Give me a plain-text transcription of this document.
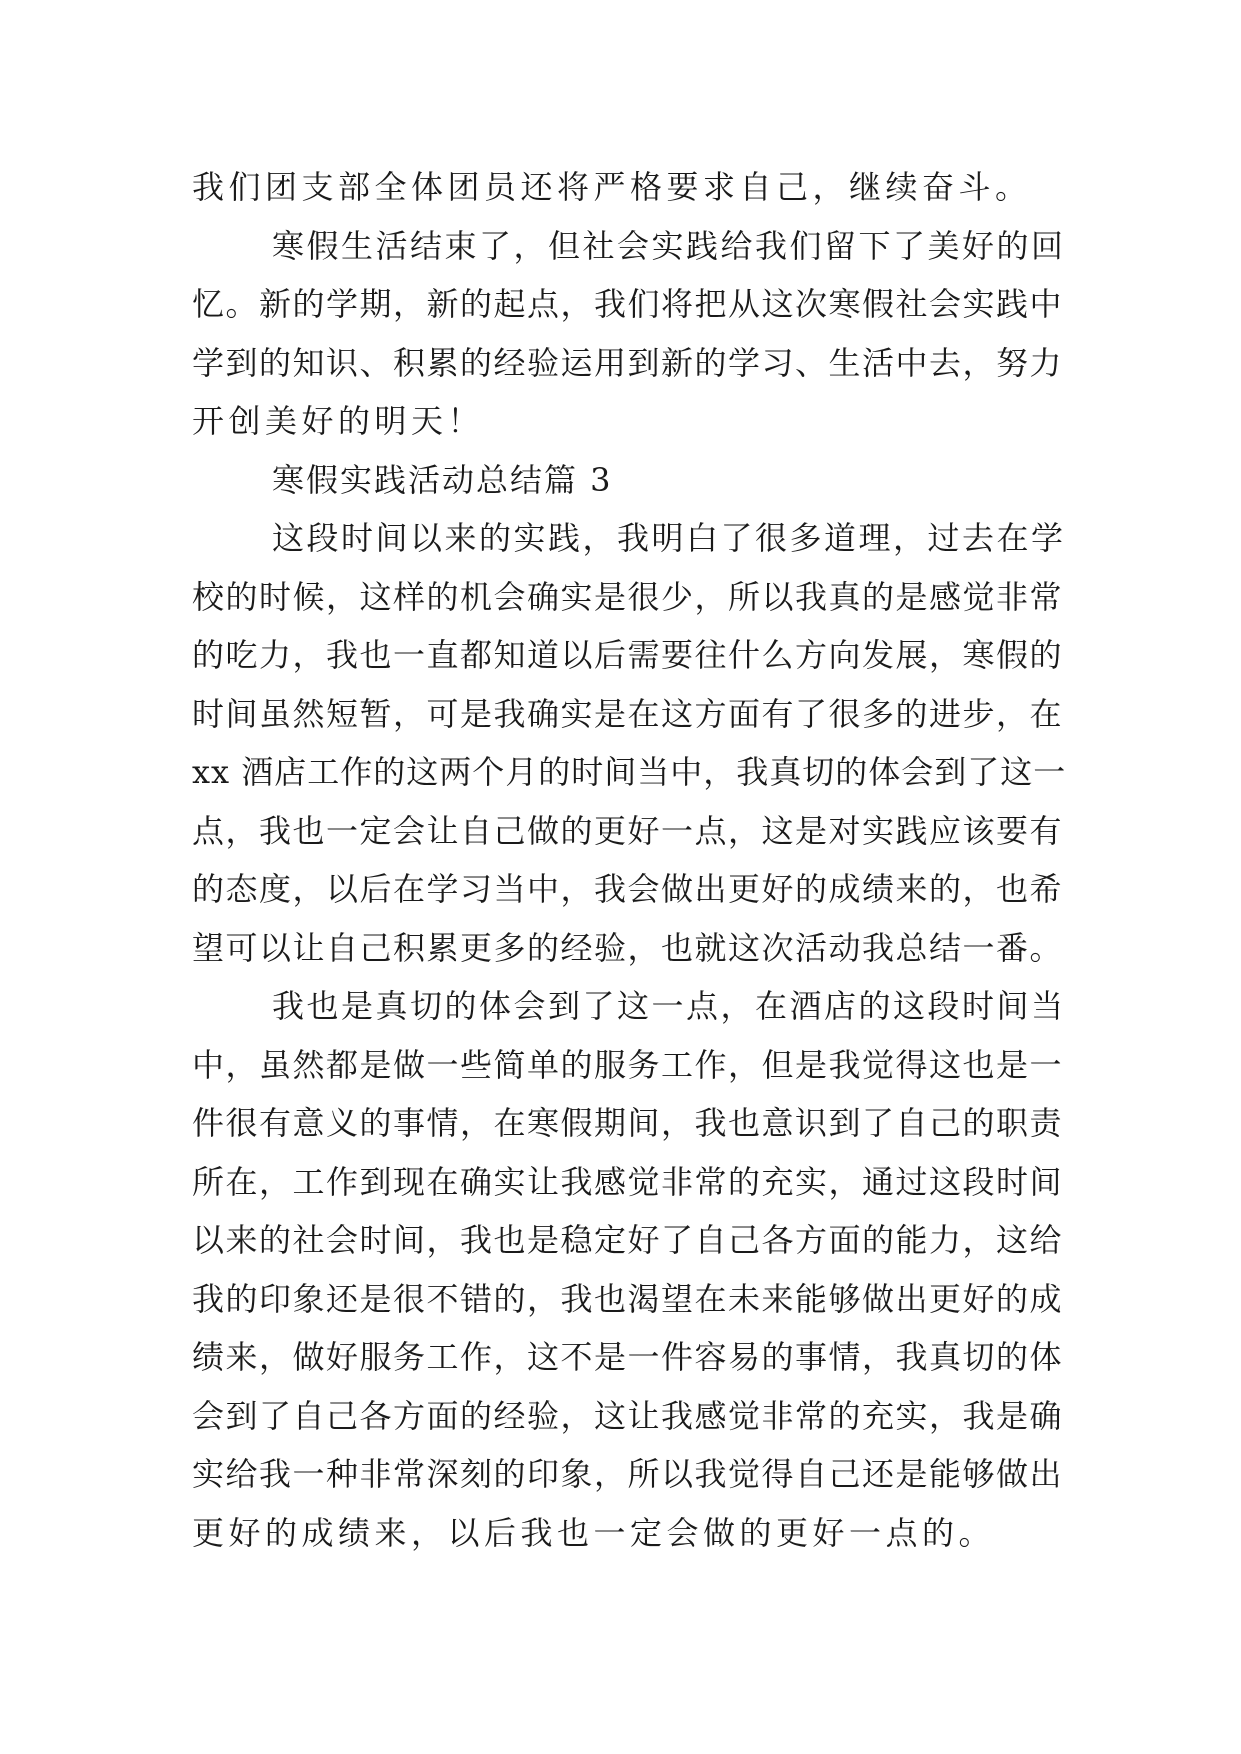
我们团支部全体团员还将严格要求自己，继续奋斗。
寒假生活结束了，但社会实践给我们留下了美好的回
忆。新的学期，新的起点，我们将把从这次寒假社会实践中
学到的知识、积累的经验运用到新的学习、生活中去，努力
开创美好的明天！
寒假实践活动总结篇 3
这段时间以来的实践，我明白了很多道理，过去在学
校的时候，这样的机会确实是很少，所以我真的是感觉非常
的吃力，我也一直都知道以后需要往什么方向发展，寒假的
时间虽然短暂，可是我确实是在这方面有了很多的进步，在
xx 酒店工作的这两个月的时间当中，我真切的体会到了这一
点，我也一定会让自己做的更好一点，这是对实践应该要有
的态度，以后在学习当中，我会做出更好的成绩来的，也希
望可以让自己积累更多的经验，也就这次活动我总结一番。
我也是真切的体会到了这一点，在酒店的这段时间当
中，虽然都是做一些简单的服务工作，但是我觉得这也是一
件很有意义的事情，在寒假期间，我也意识到了自己的职责
所在，工作到现在确实让我感觉非常的充实，通过这段时间
以来的社会时间，我也是稳定好了自己各方面的能力，这给
我的印象还是很不错的，我也渴望在未来能够做出更好的成
绩来，做好服务工作，这不是一件容易的事情，我真切的体
会到了自己各方面的经验，这让我感觉非常的充实，我是确
实给我一种非常深刻的印象，所以我觉得自己还是能够做出
更好的成绩来，以后我也一定会做的更好一点的。
